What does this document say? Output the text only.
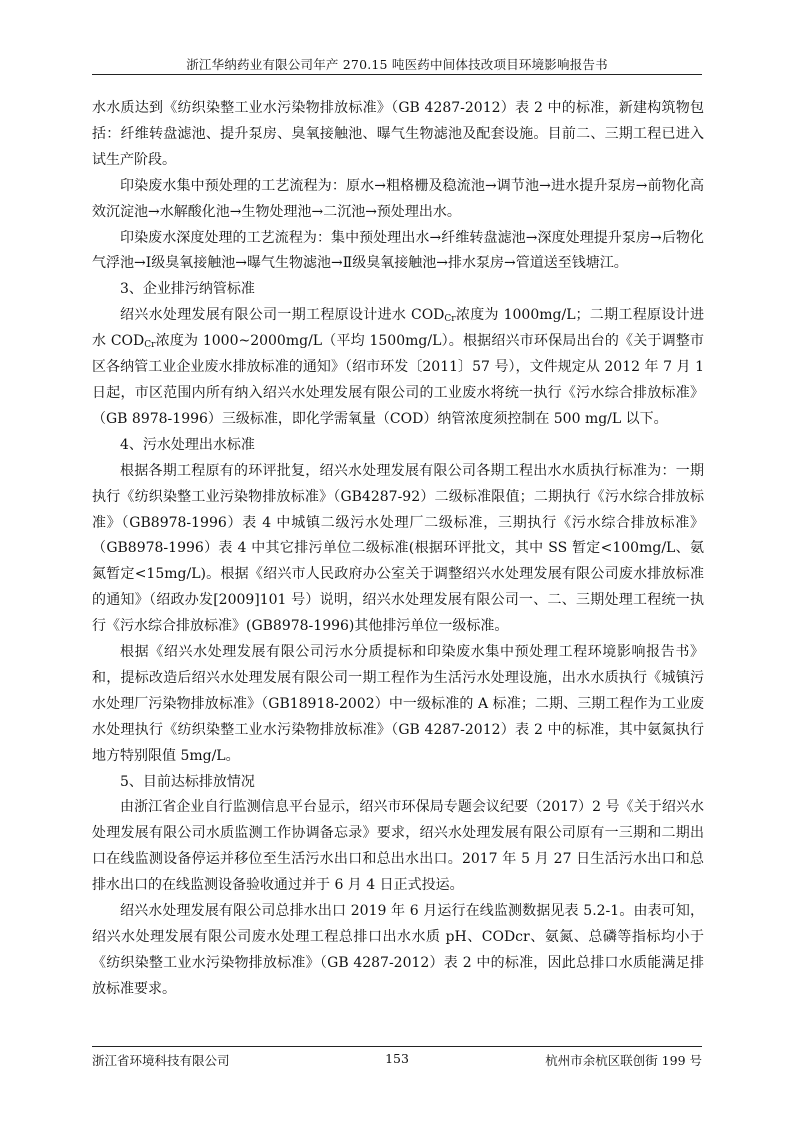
浙江华纳药业有限公司年产 270.15 吨医药中间体技改项目环境影响报告书

水水质达到《纺织染整工业水污染物排放标准》（GB 4287-2012）表 2 中的标准，新建构筑物包括：纤维转盘滤池、提升泵房、臭氧接触池、曝气生物滤池及配套设施。目前二、三期工程已进入试生产阶段。

印染废水集中预处理的工艺流程为：原水→粗格栅及稳流池→调节池→进水提升泵房→前物化高效沉淀池→水解酸化池→生物处理池→二沉池→预处理出水。

印染废水深度处理的工艺流程为：集中预处理出水→纤维转盘滤池→深度处理提升泵房→后物化气浮池→Ⅰ级臭氧接触池→曝气生物滤池→Ⅱ级臭氧接触池→排水泵房→管道送至钱塘江。

3、企业排污纳管标准

绍兴水处理发展有限公司一期工程原设计进水 $COD_{Cr}$浓度为 1000mg/L；二期工程原设计进水 $COD_{Cr}$浓度为 1000~2000mg/L（平均 1500mg/L）。根据绍兴市环保局出台的《关于调整市区各纳管工业企业废水排放标准的通知》（绍市环发〔2011〕57 号），文件规定从 2012 年 7 月 1 日起，市区范围内所有纳入绍兴水处理发展有限公司的工业废水将统一执行《污水综合排放标准》（GB 8978-1996）三级标准，即化学需氧量（COD）纳管浓度须控制在 500 mg/L 以下。

4、污水处理出水标准

根据各期工程原有的环评批复，绍兴水处理发展有限公司各期工程出水水质执行标准为：一期执行《纺织染整工业污染物排放标准》（GB4287-92）二级标准限值；二期执行《污水综合排放标准》（GB8978-1996）表 4 中城镇二级污水处理厂二级标准，三期执行《污水综合排放标准》（GB8978-1996）表 4 中其它排污单位二级标准(根据环评批文，其中 SS 暂定<100mg/L、氨氮暂定<15mg/L)。根据《绍兴市人民政府办公室关于调整绍兴水处理发展有限公司废水排放标准的通知》（绍政办发[2009]101 号）说明，绍兴水处理发展有限公司一、二、三期处理工程统一执行《污水综合排放标准》(GB8978-1996)其他排污单位一级标准。

根据《绍兴水处理发展有限公司污水分质提标和印染废水集中预处理工程环境影响报告书》和，提标改造后绍兴水处理发展有限公司一期工程作为生活污水处理设施，出水水质执行《城镇污水处理厂污染物排放标准》（GB18918-2002）中一级标准的 A 标准；二期、三期工程作为工业废水处理执行《纺织染整工业水污染物排放标准》（GB 4287-2012）表 2 中的标准，其中氨氮执行地方特别限值 5mg/L。

5、目前达标排放情况

由浙江省企业自行监测信息平台显示，绍兴市环保局专题会议纪要（2017）2 号《关于绍兴水处理发展有限公司水质监测工作协调备忘录》要求，绍兴水处理发展有限公司原有一三期和二期出口在线监测设备停运并移位至生活污水出口和总出水出口。2017 年 5 月 27 日生活污水出口和总排水出口的在线监测设备验收通过并于 6 月 4 日正式投运。

绍兴水处理发展有限公司总排水出口 2019 年 6 月运行在线监测数据见表 5.2-1。由表可知，绍兴水处理发展有限公司废水处理工程总排口出水水质 pH、CODcr、氨氮、总磷等指标均小于《纺织染整工业水污染物排放标准》（GB 4287-2012）表 2 中的标准，因此总排口水质能满足排放标准要求。

浙江省环境科技有限公司	153	杭州市余杭区联创街 199 号
